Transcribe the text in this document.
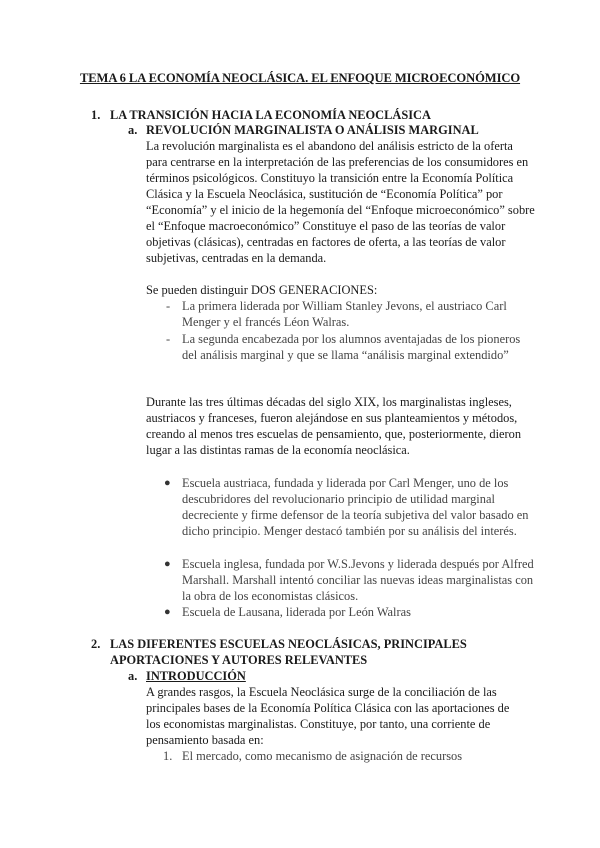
TEMA 6 LA ECONOMÍA NEOCLÁSICA. EL ENFOQUE MICROECONÓMICO
1. LA TRANSICIÓN HACIA LA ECONOMÍA NEOCLÁSICA
a. REVOLUCIÓN MARGINALISTA O ANÁLISIS MARGINAL
La revolución marginalista es el abandono del análisis estricto de la oferta para centrarse en la interpretación de las preferencias de los consumidores en términos psicológicos. Constituyo la transición entre la Economía Política Clásica y la Escuela Neoclásica, sustitución de “Economía Política” por “Economía” y el inicio de la hegemonía del “Enfoque microeconómico” sobre el “Enfoque macroeconómico” Constituye el paso de las teorías de valor objetivas (clásicas), centradas en factores de oferta, a las teorías de valor subjetivas, centradas en la demanda.
Se pueden distinguir DOS GENERACIONES:
- La primera liderada por William Stanley Jevons, el austriaco Carl Menger y el francés Léon Walras.
- La segunda encabezada por los alumnos aventajadas de los pioneros del análisis marginal y que se llama “análisis marginal extendido”
Durante las tres últimas décadas del siglo XIX, los marginalistas ingleses, austriacos y franceses, fueron alejándose en sus planteamientos y métodos, creando al menos tres escuelas de pensamiento, que, posteriormente, dieron lugar a las distintas ramas de la economía neoclásica.
● Escuela austriaca, fundada y liderada por Carl Menger, uno de los descubridores del revolucionario principio de utilidad marginal decreciente y firme defensor de la teoría subjetiva del valor basado en dicho principio. Menger destacó también por su análisis del interés.
● Escuela inglesa, fundada por W.S.Jevons y liderada después por Alfred Marshall. Marshall intentó conciliar las nuevas ideas marginalistas con la obra de los economistas clásicos.
● Escuela de Lausana, liderada por León Walras
2. LAS DIFERENTES ESCUELAS NEOCLÁSICAS, PRINCIPALES APORTACIONES Y AUTORES RELEVANTES
a. INTRODUCCIÓN
A grandes rasgos, la Escuela Neoclásica surge de la conciliación de las principales bases de la Economía Política Clásica con las aportaciones de los economistas marginalistas. Constituye, por tanto, una corriente de pensamiento basada en:
1. El mercado, como mecanismo de asignación de recursos
